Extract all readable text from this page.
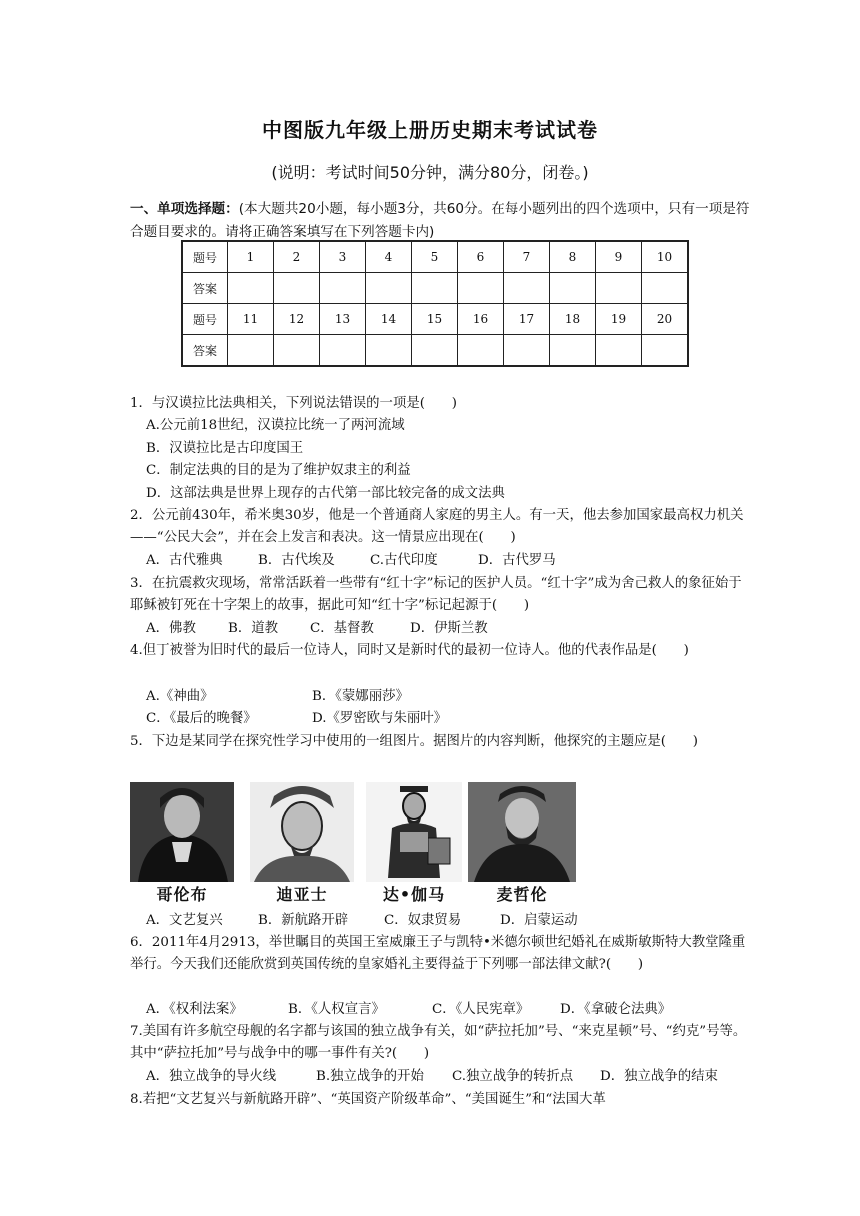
中图版九年级上册历史期末考试试卷
(说明：考试时间50分钟，满分80分，闭卷。)
一、单项选择题：(本大题共20小题，每小题3分，共60分。在每小题列出的四个选项中，只有一项是符合题目要求的。请将正确答案填写在下列答题卡内)
题号	1	2	3	4	5	6	7	8	9	10
答案										
题号	11	12	13	14	15	16	17	18	19	20
答案										
1．与汉谟拉比法典相关，下列说法错误的一项是(　　)
A.公元前18世纪，汉谟拉比统一了两河流域
B．汉谟拉比是古印度国王
C．制定法典的目的是为了维护奴隶主的利益
D．这部法典是世界上现存的古代第一部比较完备的成文法典
2．公元前430年，希米奥30岁，他是一个普通商人家庭的男主人。有一天，他去参加国家最高权力机关——“公民大会”，并在会上发言和表决。这一情景应出现在(　　)
A．古代雅典	B．古代埃及	C.古代印度	D．古代罗马
3．在抗震救灾现场，常常活跃着一些带有“红十字”标记的医护人员。“红十字”成为舍己救人的象征始于耶稣被钉死在十字架上的故事，据此可知“红十字”标记起源于(　　)
A．佛教 B．道教 C．基督教	D．伊斯兰教
4.但丁被誉为旧时代的最后一位诗人，同时又是新时代的最初一位诗人。他的代表作品是(　　)
A.《神曲》	B．《蒙娜丽莎》
C．《最后的晚餐》	D.《罗密欧与朱丽叶》
5．下边是某同学在探究性学习中使用的一组图片。据图片的内容判断，他探究的主题应是(　　)
哥伦布	迪亚士	达•伽马	麦哲伦
A．文艺复兴	B．新航路开辟	C．奴隶贸易	D．启蒙运动
6．2011年4月2913，举世瞩目的英国王室威廉王子与凯特•米德尔顿世纪婚礼在威斯敏斯特大教堂隆重举行。今天我们还能欣赏到英国传统的皇家婚礼主要得益于下列哪一部法律文献?(　　)
A．《权利法案》	B．《人权宣言》	C．《人民宪章》 D．《拿破仑法典》
7.美国有许多航空母舰的名字都与该国的独立战争有关，如“萨拉托加”号、“来克星顿”号、“约克”号等。其中“萨拉托加”号与战争中的哪一事件有关?(　　)
A．独立战争的导火线	B.独立战争的开始 C.独立战争的转折点 D．独立战争的结束
8.若把“文艺复兴与新航路开辟”、“英国资产阶级革命”、“美国诞生”和“法国大革
